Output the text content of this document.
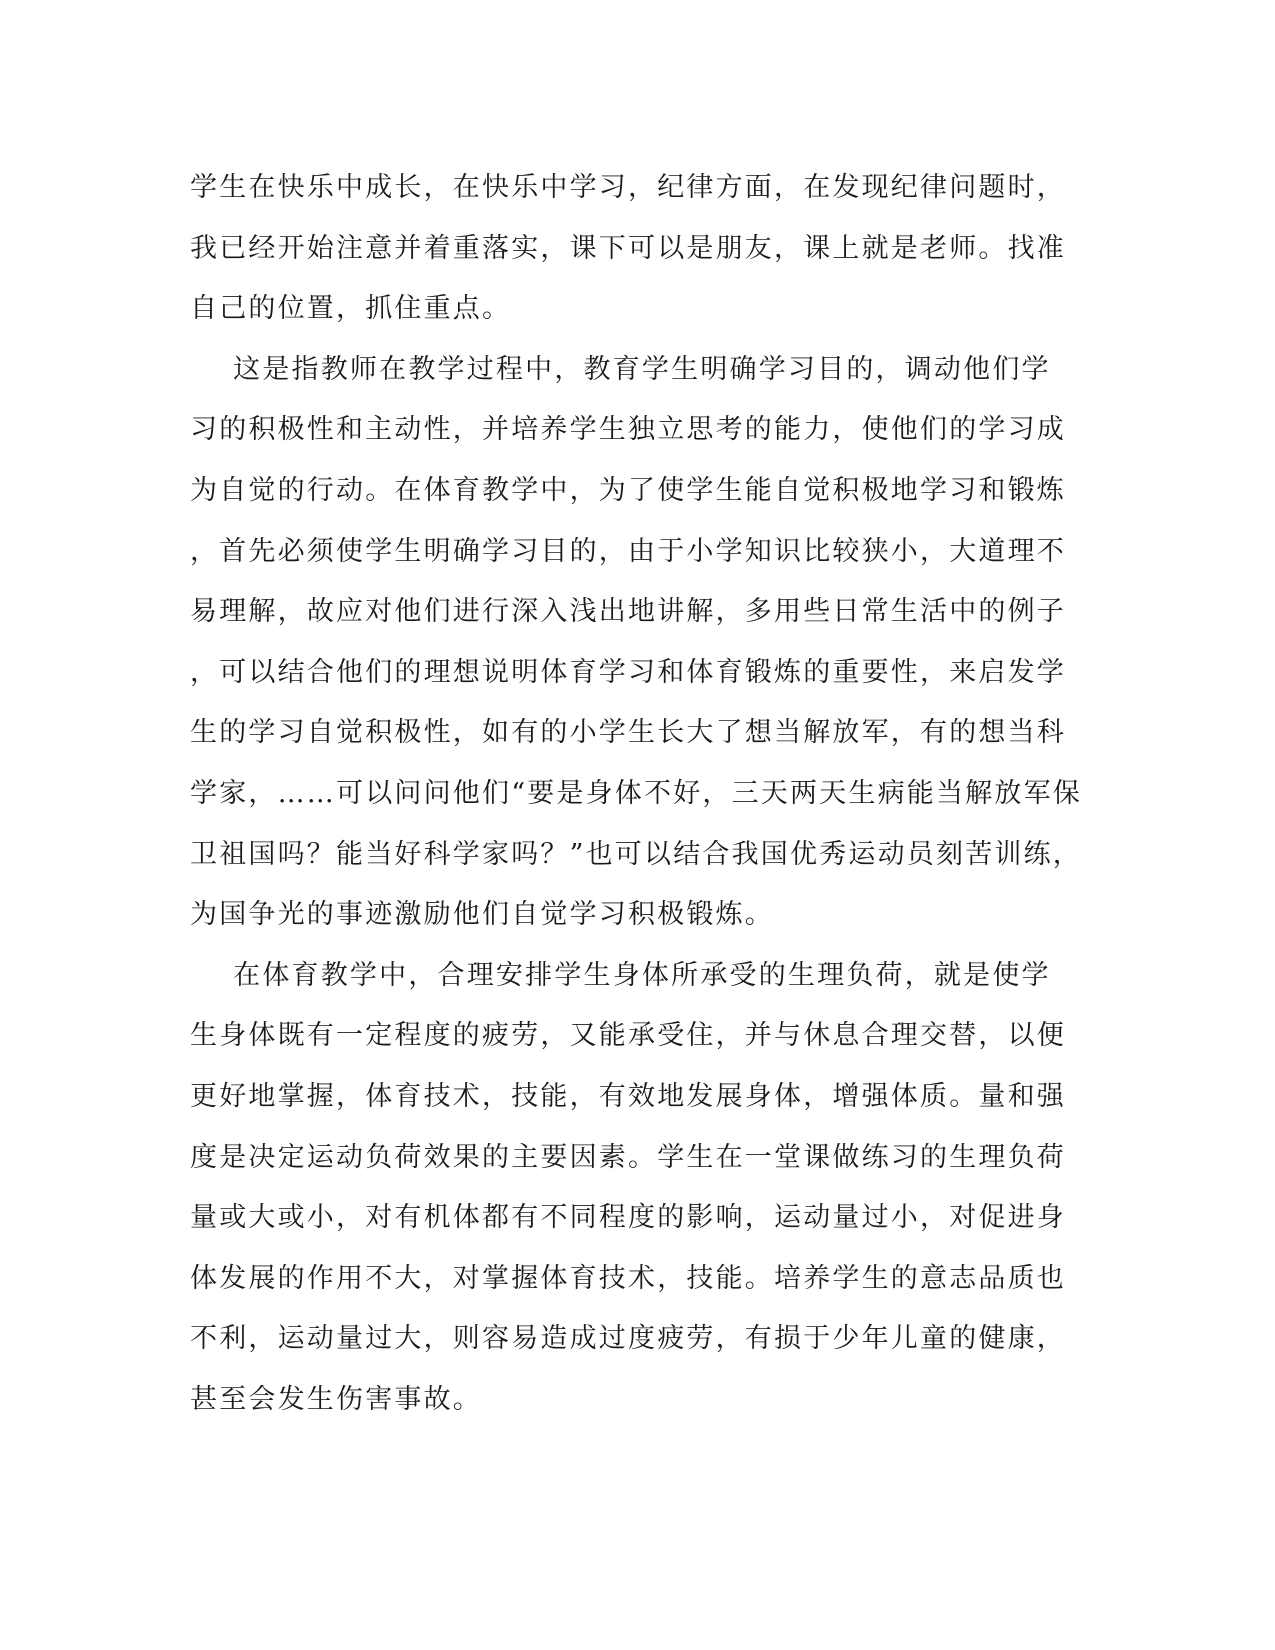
学生在快乐中成长，在快乐中学习，纪律方面，在发现纪律问题时，
我已经开始注意并着重落实，课下可以是朋友，课上就是老师。找准
自己的位置，抓住重点。
这是指教师在教学过程中，教育学生明确学习目的，调动他们学
习的积极性和主动性，并培养学生独立思考的能力，使他们的学习成
为自觉的行动。在体育教学中，为了使学生能自觉积极地学习和锻炼
，首先必须使学生明确学习目的，由于小学知识比较狭小，大道理不
易理解，故应对他们进行深入浅出地讲解，多用些日常生活中的例子
，可以结合他们的理想说明体育学习和体育锻炼的重要性，来启发学
生的学习自觉积极性，如有的小学生长大了想当解放军，有的想当科
学家，……可以问问他们“要是身体不好，三天两天生病能当解放军保
卫祖国吗？能当好科学家吗？”也可以结合我国优秀运动员刻苦训练，
为国争光的事迹激励他们自觉学习积极锻炼。
在体育教学中，合理安排学生身体所承受的生理负荷，就是使学
生身体既有一定程度的疲劳，又能承受住，并与休息合理交替，以便
更好地掌握，体育技术，技能，有效地发展身体，增强体质。量和强
度是决定运动负荷效果的主要因素。学生在一堂课做练习的生理负荷
量或大或小，对有机体都有不同程度的影响，运动量过小，对促进身
体发展的作用不大，对掌握体育技术，技能。培养学生的意志品质也
不利，运动量过大，则容易造成过度疲劳，有损于少年儿童的健康，
甚至会发生伤害事故。
